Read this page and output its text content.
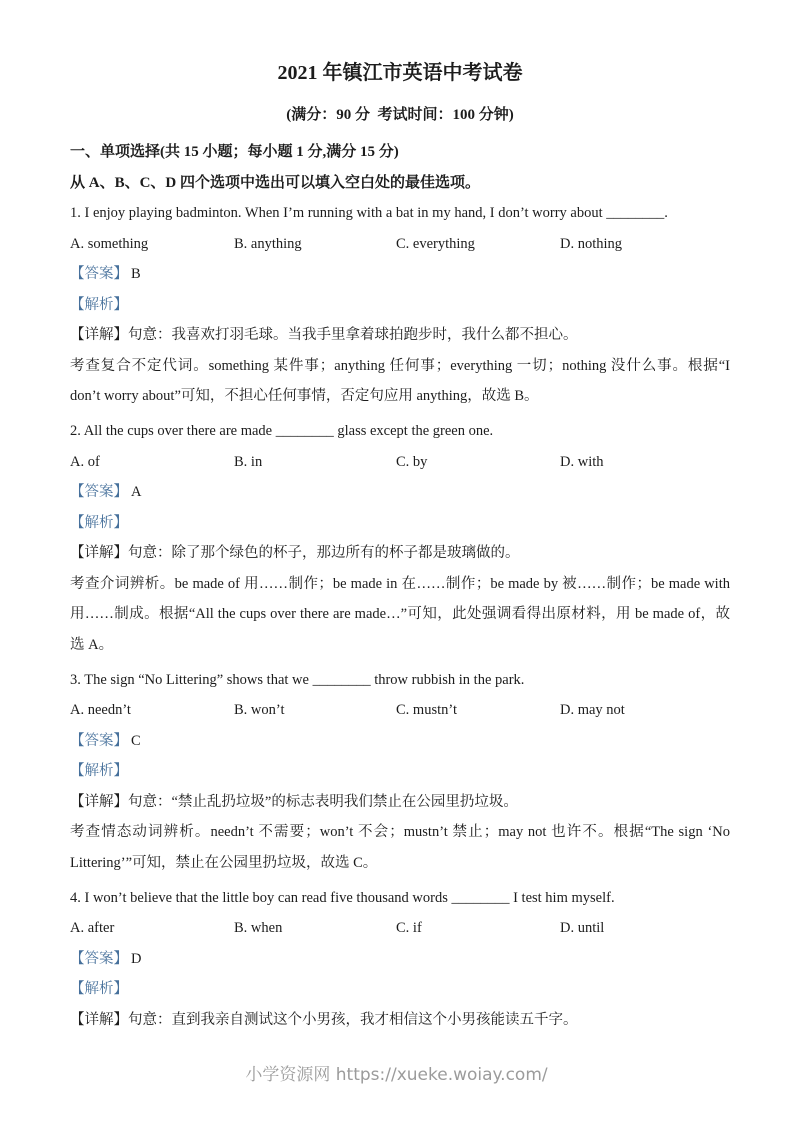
2021 年镇江市英语中考试卷

(满分：90 分 考试时间：100 分钟)

一、单项选择(共 15 小题；每小题 1 分,满分 15 分)

从 A、B、C、D 四个选项中选出可以填入空白处的最佳选项。

1. I enjoy playing badminton. When I’m running with a bat in my hand, I don’t worry about ________.

A. something	B. anything	C. everything	D. nothing

【答案】 B

【解析】

【详解】句意：我喜欢打羽毛球。当我手里拿着球拍跑步时，我什么都不担心。

考查复合不定代词。something 某件事；anything 任何事；everything 一切；nothing 没什么事。根据“I don’t worry about”可知，不担心任何事情，否定句应用 anything，故选 B。

2. All the cups over there are made ________ glass except the green one.

A. of	B. in	C. by	D. with

【答案】 A

【解析】

【详解】句意：除了那个绿色的杯子，那边所有的杯子都是玻璃做的。

考查介词辨析。be made of 用……制作；be made in 在……制作；be made by 被……制作；be made with 用……制成。根据“All the cups over there are made…”可知，此处强调看得出原材料，用 be made of，故选 A。

3. The sign “No Littering” shows that we ________ throw rubbish in the park.

A. needn’t	B. won’t	C. mustn’t	D. may not

【答案】 C

【解析】

【详解】句意：“禁止乱扔垃圾”的标志表明我们禁止在公园里扔垃圾。

考查情态动词辨析。needn’t 不需要；won’t 不会；mustn’t 禁止；may not 也许不。根据“The sign ‘No Littering’”可知，禁止在公园里扔垃圾，故选 C。

4. I won’t believe that the little boy can read five thousand words ________ I test him myself.

A. after	B. when	C. if	D. until

【答案】 D

【解析】

【详解】句意：直到我亲自测试这个小男孩，我才相信这个小男孩能读五千字。

小学资源网 https://xueke.woiay.com/
